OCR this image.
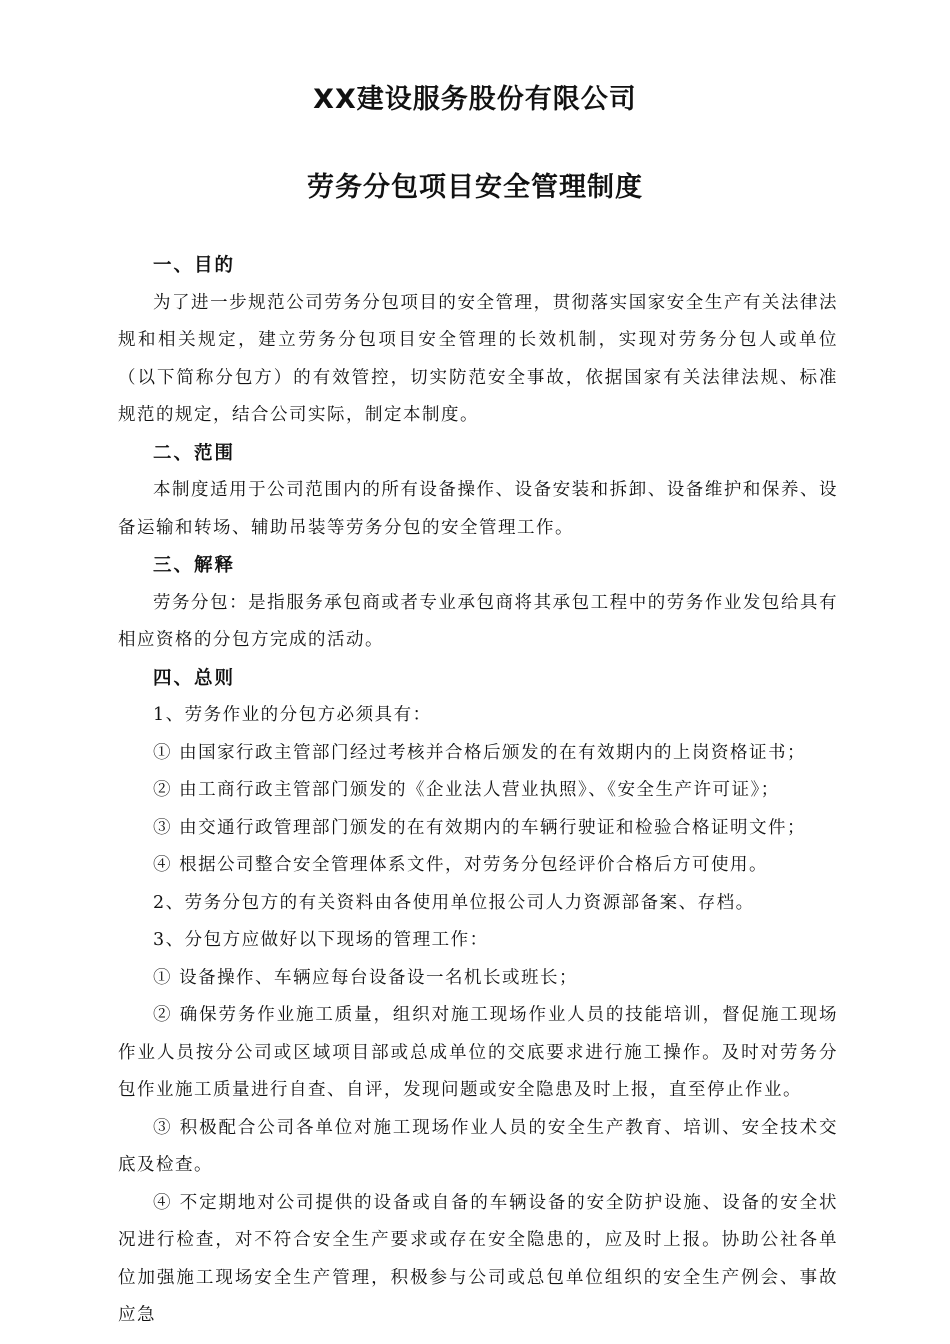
XX建设服务股份有限公司
劳务分包项目安全管理制度
一、目的

为了进一步规范公司劳务分包项目的安全管理，贯彻落实国家安全生产有关法律法规和相关规定，建立劳务分包项目安全管理的长效机制，实现对劳务分包人或单位（以下简称分包方）的有效管控，切实防范安全事故，依据国家有关法律法规、标准规范的规定，结合公司实际，制定本制度。

二、范围

本制度适用于公司范围内的所有设备操作、设备安装和拆卸、设备维护和保养、设备运输和转场、辅助吊装等劳务分包的安全管理工作。

三、解释

劳务分包：是指服务承包商或者专业承包商将其承包工程中的劳务作业发包给具有相应资格的分包方完成的活动。

四、总则

1、劳务作业的分包方必须具有：

① 由国家行政主管部门经过考核并合格后颁发的在有效期内的上岗资格证书；

② 由工商行政主管部门颁发的《企业法人营业执照》、《安全生产许可证》；

③ 由交通行政管理部门颁发的在有效期内的车辆行驶证和检验合格证明文件；

④ 根据公司整合安全管理体系文件，对劳务分包经评价合格后方可使用。

2、劳务分包方的有关资料由各使用单位报公司人力资源部备案、存档。

3、分包方应做好以下现场的管理工作：

① 设备操作、车辆应每台设备设一名机长或班长；

② 确保劳务作业施工质量，组织对施工现场作业人员的技能培训，督促施工现场作业人员按分公司或区域项目部或总成单位的交底要求进行施工操作。及时对劳务分包作业施工质量进行自查、自评，发现问题或安全隐患及时上报，直至停止作业。

③ 积极配合公司各单位对施工现场作业人员的安全生产教育、培训、安全技术交底及检查。

④ 不定期地对公司提供的设备或自备的车辆设备的安全防护设施、设备的安全状况进行检查，对不符合安全生产要求或存在安全隐患的，应及时上报。协助公社各单位加强施工现场安全生产管理，积极参与公司或总包单位组织的安全生产例会、事故应急
